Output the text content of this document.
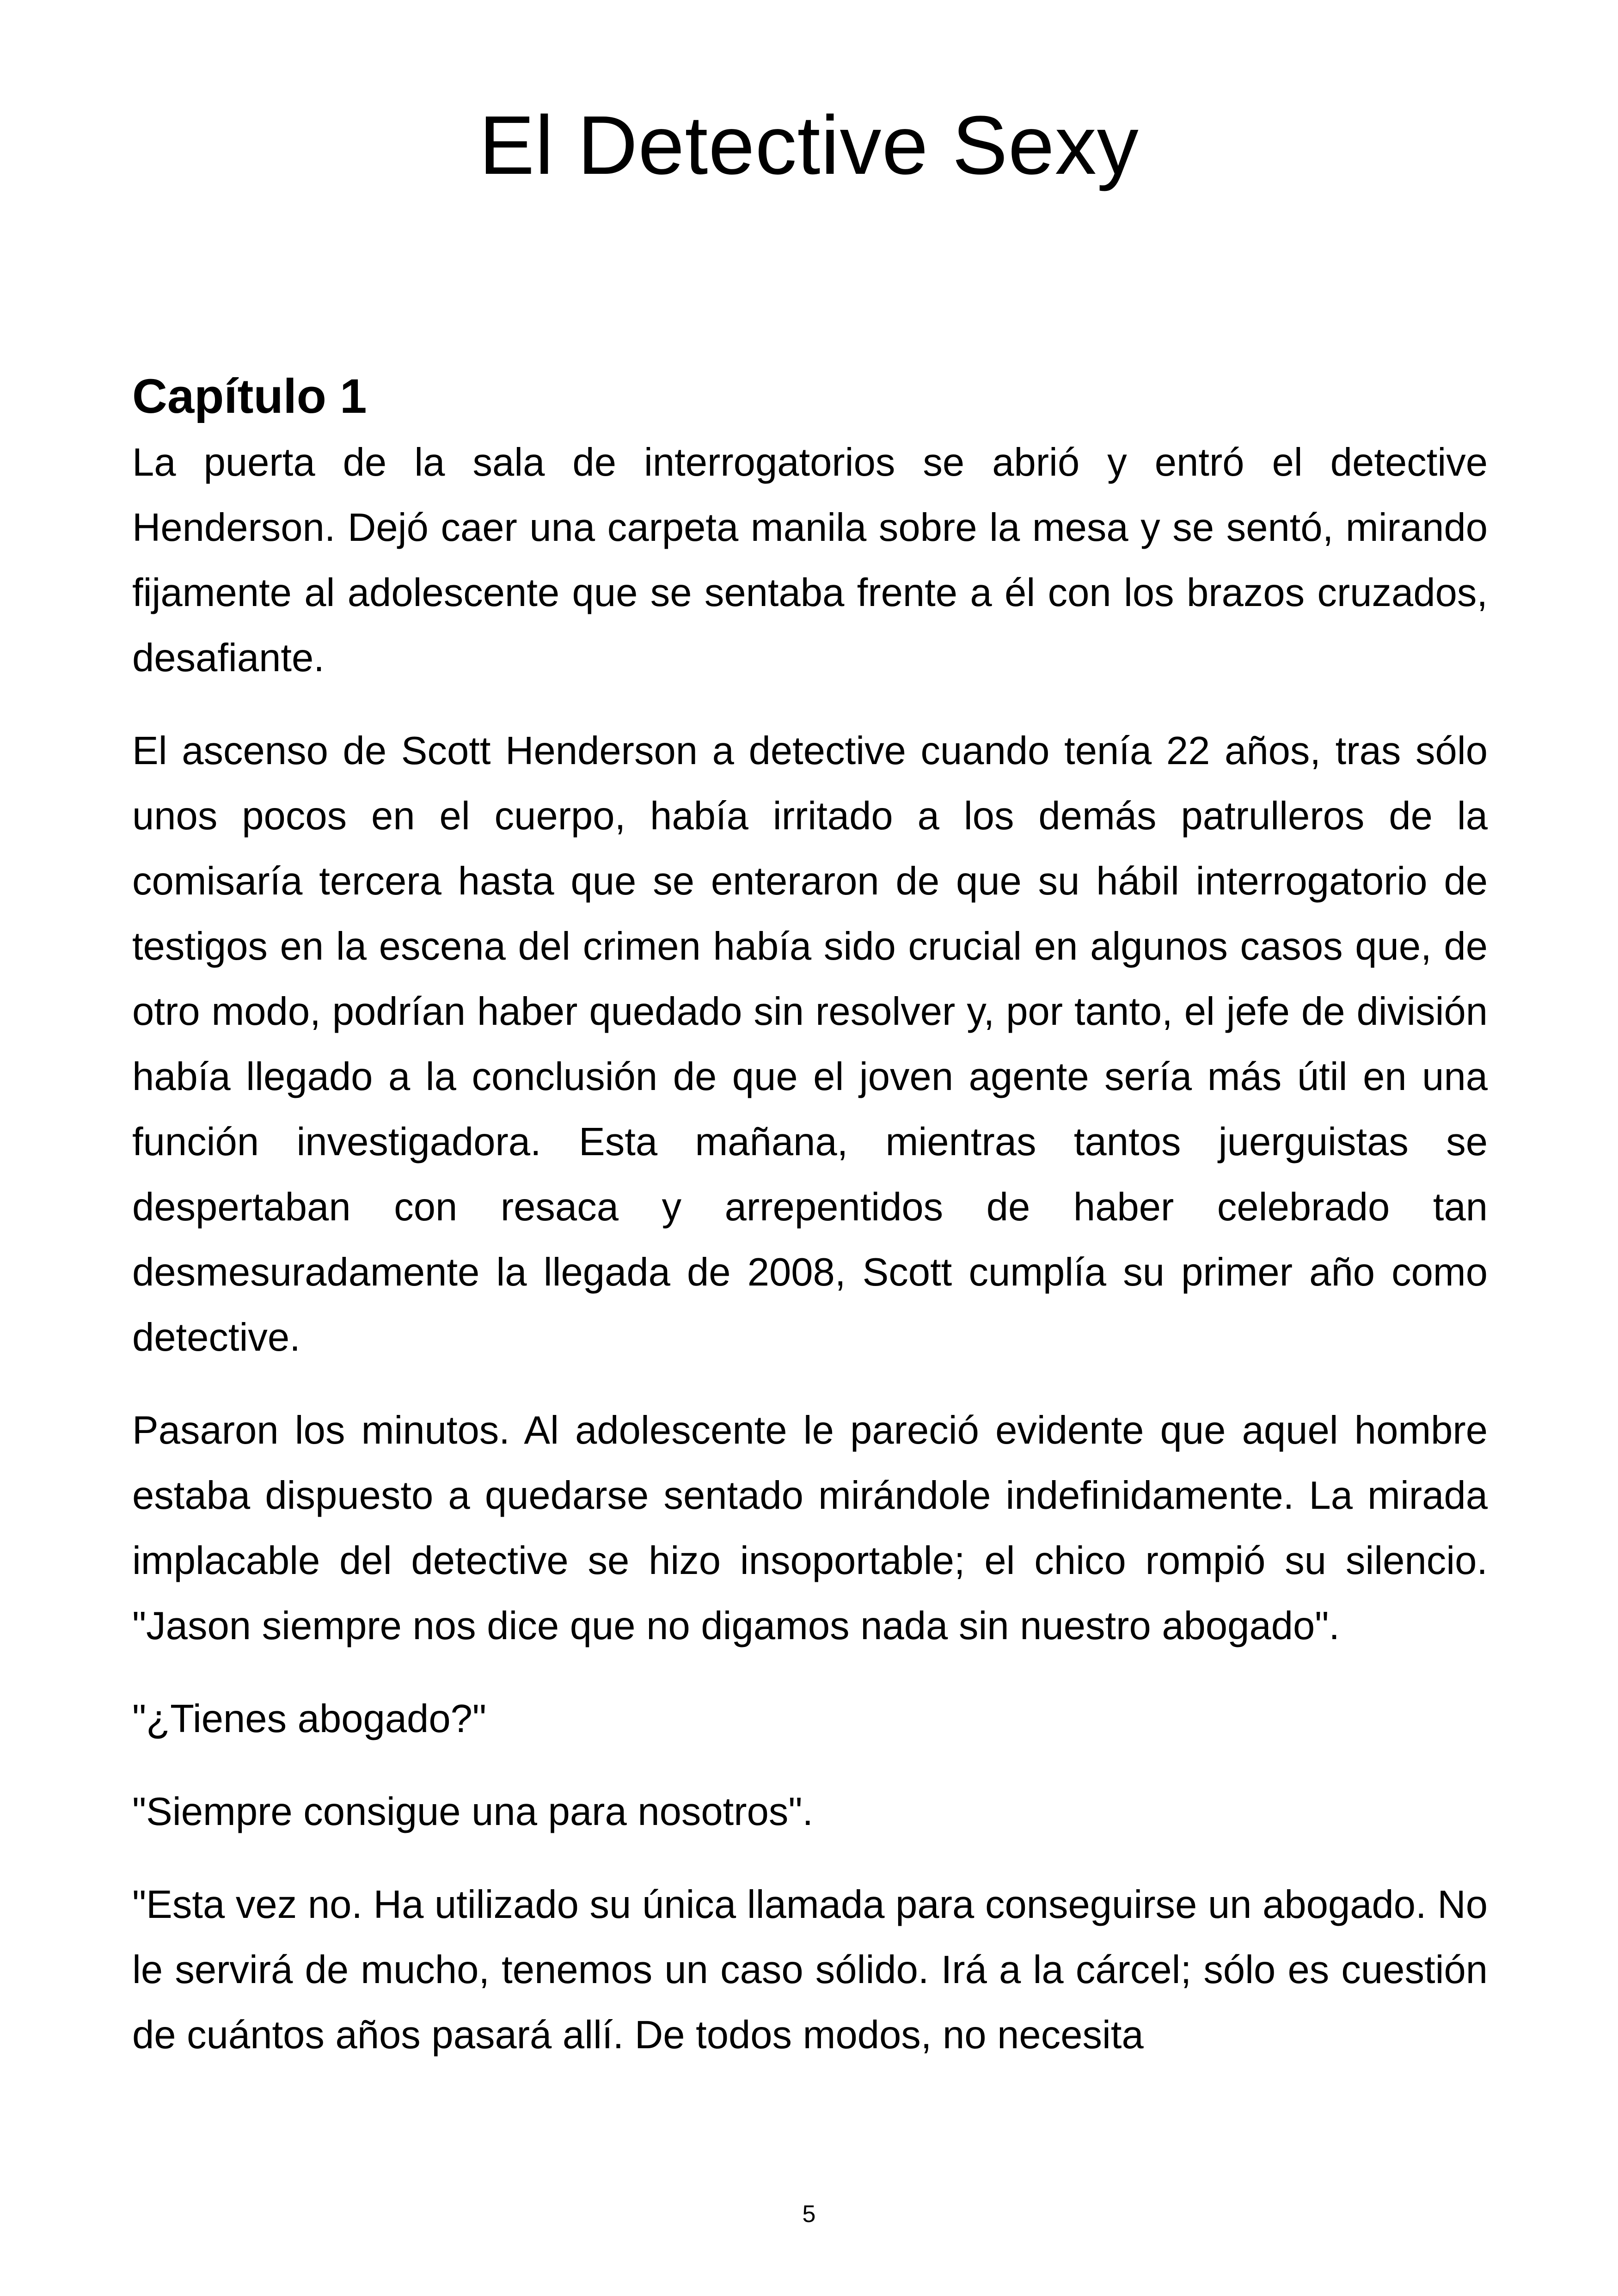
El Detective Sexy
Capítulo 1

La puerta de la sala de interrogatorios se abrió y entró el detective Henderson. Dejó caer una carpeta manila sobre la mesa y se sentó, mirando fijamente al adolescente que se sentaba frente a él con los brazos cruzados, desafiante.

El ascenso de Scott Henderson a detective cuando tenía 22 años, tras sólo unos pocos en el cuerpo, había irritado a los demás patrulleros de la comisaría tercera hasta que se enteraron de que su hábil interrogatorio de testigos en la escena del crimen había sido crucial en algunos casos que, de otro modo, podrían haber quedado sin resolver y, por tanto, el jefe de división había llegado a la conclusión de que el joven agente sería más útil en una función investigadora. Esta mañana, mientras tantos juerguistas se despertaban con resaca y arrepentidos de haber celebrado tan desmesuradamente la llegada de 2008, Scott cumplía su primer año como detective.

Pasaron los minutos. Al adolescente le pareció evidente que aquel hombre estaba dispuesto a quedarse sentado mirándole indefinidamente. La mirada implacable del detective se hizo insoportable; el chico rompió su silencio. "Jason siempre nos dice que no digamos nada sin nuestro abogado".

"¿Tienes abogado?"

"Siempre consigue una para nosotros".

"Esta vez no. Ha utilizado su única llamada para conseguirse un abogado. No le servirá de mucho, tenemos un caso sólido. Irá a la cárcel; sólo es cuestión de cuántos años pasará allí. De todos modos, no necesita

5
